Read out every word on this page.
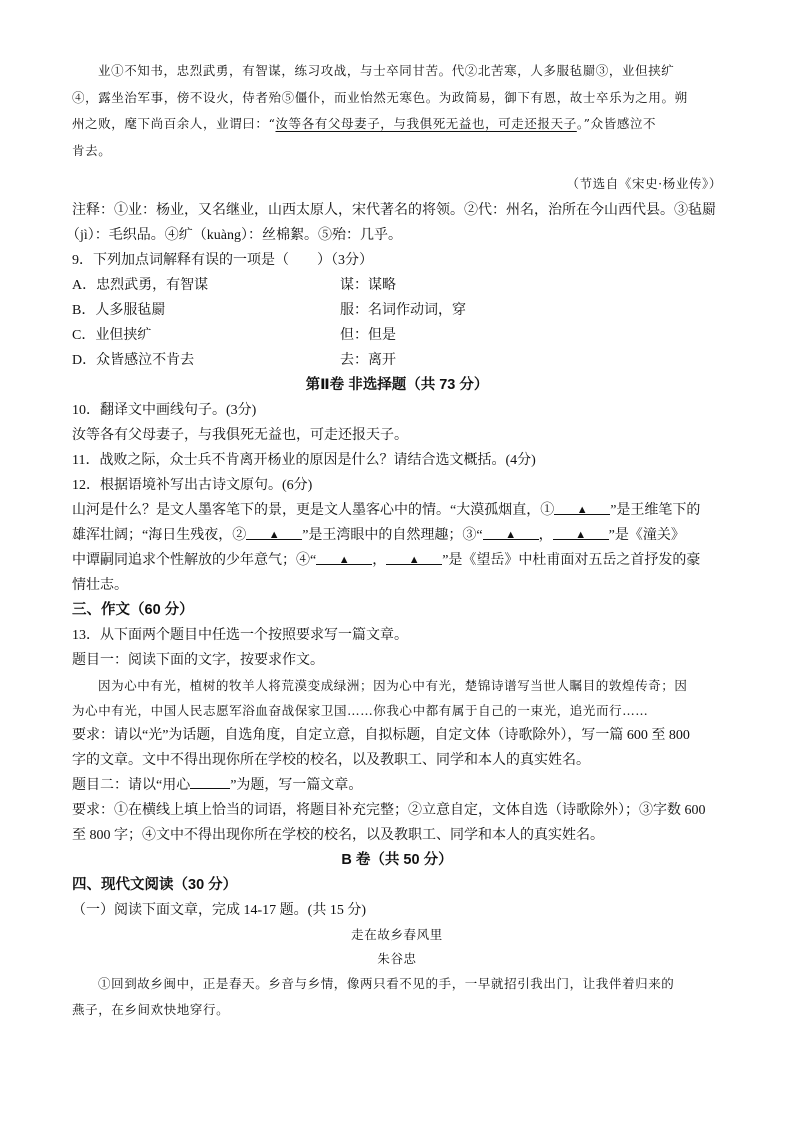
业①不知书，忠烈武勇，有智谋，练习攻战，与士卒同甘苦。代②北苦寒，人多服毡罽③，业但挟纩
④，露坐治军事，傍不设火，侍者殆⑤僵仆，而业怡然无寒色。为政简易，御下有恩，故士卒乐为之用。朔
州之败，麾下尚百余人，业谓曰：“汝等各有父母妻子，与我俱死无益也，可走还报天子。”众皆感泣不
肯去。
（节选自《宋史·杨业传》）
注释：①业：杨业，又名继业，山西太原人，宋代著名的将领。②代：州名，治所在今山西代县。③毡罽
（jì）：毛织品。④纩（kuàng）：丝棉絮。⑤殆：几乎。
9．下列加点词解释有误的一项是（　　）（3分）
A．忠烈武勇，有智谋	谋：谋略
B．人多服毡罽	服：名词作动词，穿
C．业但挟纩	但：但是
D．众皆感泣不肯去	去：离开
第Ⅱ卷 非选择题（共 73 分）
10．翻译文中画线句子。(3分)
汝等各有父母妻子，与我俱死无益也，可走还报天子。
11．战败之际，众士兵不肯离开杨业的原因是什么？请结合选文概括。(4分)
12．根据语境补写出古诗文原句。(6分)
山河是什么？是文人墨客笔下的景，更是文人墨客心中的情。“大漠孤烟直，① ▲ ”是王维笔下的
雄浑壮阔；“海日生残夜，② ▲ ”是王湾眼中的自然理趣；③“ ▲ ， ▲ ”是《潼关》
中谭嗣同追求个性解放的少年意气；④“ ▲ ， ▲ ”是《望岳》中杜甫面对五岳之首抒发的豪
情壮志。
三、作文（60 分）
13．从下面两个题目中任选一个按照要求写一篇文章。
题目一：阅读下面的文字，按要求作文。
因为心中有光，植树的牧羊人将荒漠变成绿洲；因为心中有光，楚锦诗谱写当世人瞩目的敦煌传奇；因
为心中有光，中国人民志愿军浴血奋战保家卫国……你我心中都有属于自己的一束光，追光而行……
要求：请以“光”为话题，自选角度，自定立意，自拟标题，自定文体（诗歌除外），写一篇 600 至 800
字的文章。文中不得出现你所在学校的校名，以及教职工、同学和本人的真实姓名。
题目二：请以“用心	”为题，写一篇文章。
要求：①在横线上填上恰当的词语，将题目补充完整；②立意自定，文体自选（诗歌除外）；③字数 600
至 800 字；④文中不得出现你所在学校的校名，以及教职工、同学和本人的真实姓名。
B 卷（共 50 分）
四、现代文阅读（30 分）
（一）阅读下面文章，完成 14-17 题。(共 15 分)
走在故乡春风里
朱谷忠
①回到故乡闽中，正是春天。乡音与乡情，像两只看不见的手，一早就招引我出门，让我伴着归来的
燕子，在乡间欢快地穿行。
